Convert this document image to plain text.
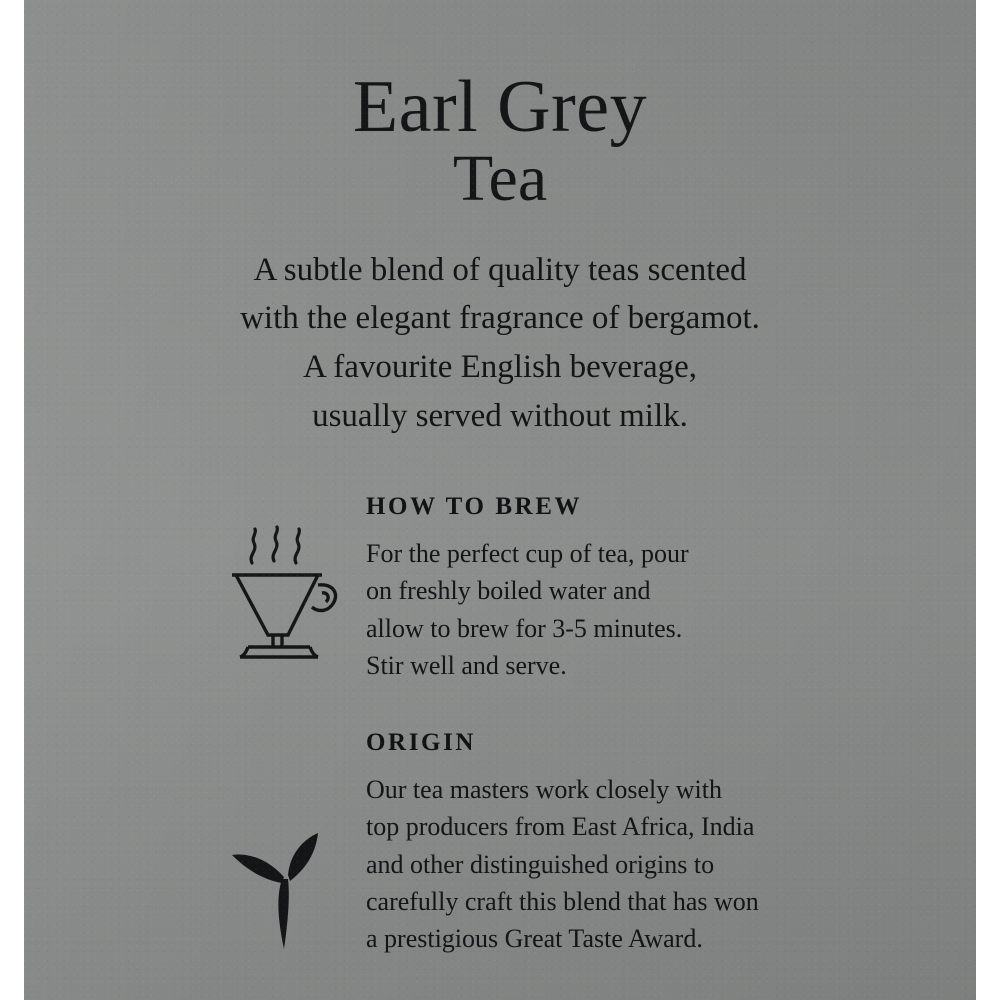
Earl Grey
Tea
A subtle blend of quality teas scented
with the elegant fragrance of bergamot.
A favourite English beverage,
usually served without milk.
HOW TO BREW
For the perfect cup of tea, pour
on freshly boiled water and
allow to brew for 3-5 minutes.
Stir well and serve.
ORIGIN
Our tea masters work closely with
top producers from East Africa, India
and other distinguished origins to
carefully craft this blend that has won
a prestigious Great Taste Award.
